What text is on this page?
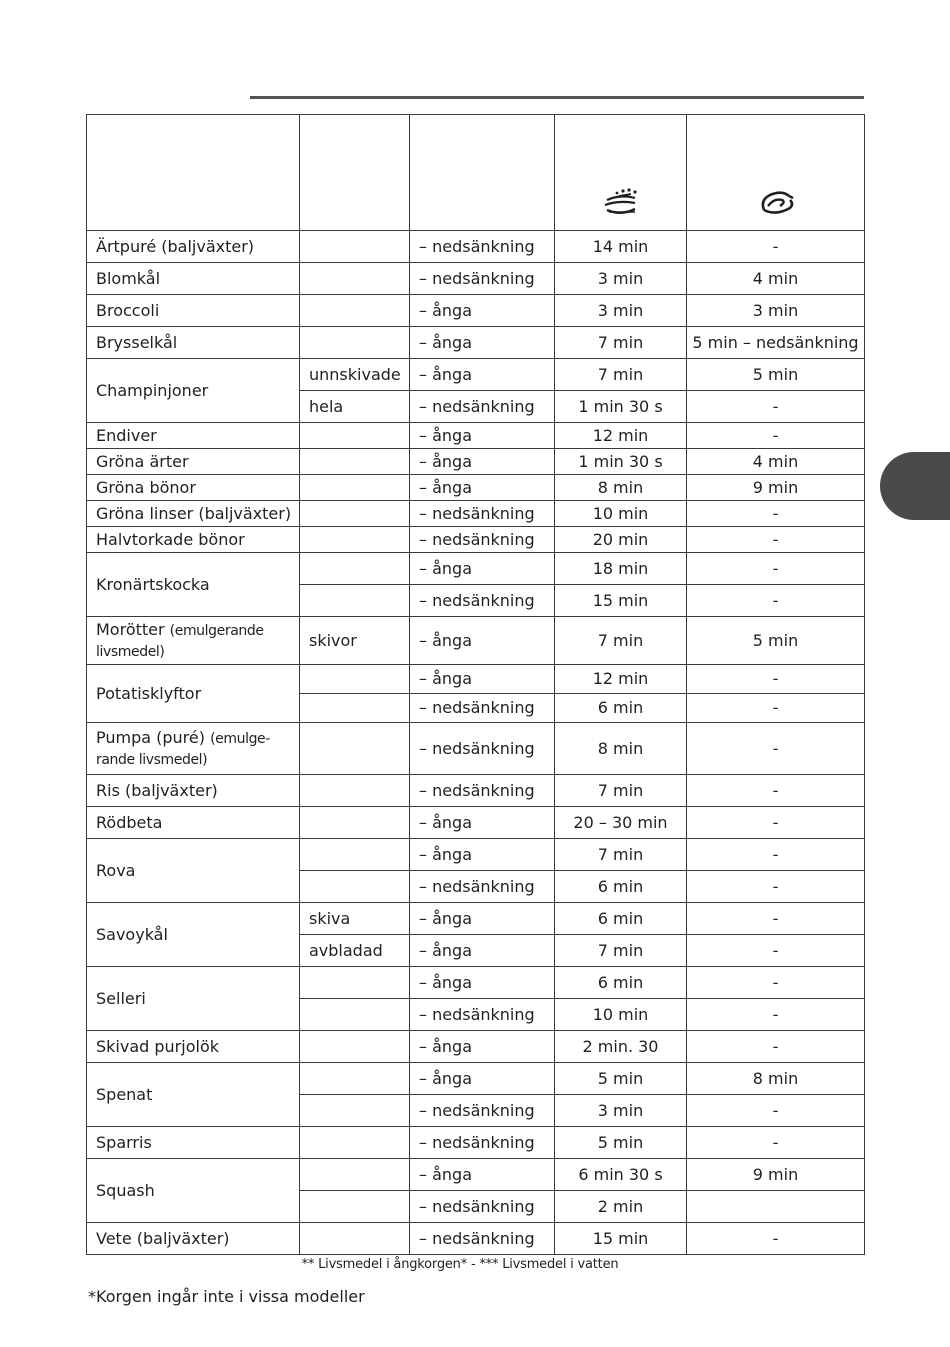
Ärtpuré (baljväxter)		– nedsänkning	14 min	-
Blomkål		– nedsänkning	3 min	4 min
Broccoli		– ånga	3 min	3 min
Brysselkål		– ånga	7 min	5 min – nedsänkning
Champinjoner	unnskivade	– ånga	7 min	5 min
	hela	– nedsänkning	1 min 30 s	-
Endiver		– ånga	12 min	-
Gröna ärter		– ånga	1 min 30 s	4 min
Gröna bönor		– ånga	8 min	9 min
Gröna linser (baljväxter)		– nedsänkning	10 min	-
Halvtorkade bönor		– nedsänkning	20 min	-
Kronärtskocka		– ånga	18 min	-
		– nedsänkning	15 min	-
Morötter (emulgerande livsmedel)	skivor	– ånga	7 min	5 min
Potatisklyftor		– ånga	12 min	-
		– nedsänkning	6 min	-
Pumpa (puré) (emulge-rande livsmedel)		– nedsänkning	8 min	-
Ris (baljväxter)		– nedsänkning	7 min	-
Rödbeta		– ånga	20 – 30 min	-
Rova		– ånga	7 min	-
		– nedsänkning	6 min	-
Savoykål	skiva	– ånga	6 min	-
	avbladad	– ånga	7 min	-
Selleri		– ånga	6 min	-
		– nedsänkning	10 min	-
Skivad purjolök		– ånga	2 min. 30	-
Spenat		– ånga	5 min	8 min
		– nedsänkning	3 min	-
Sparris		– nedsänkning	5 min	-
Squash		– ånga	6 min 30 s	9 min
		– nedsänkning	2 min	
Vete (baljväxter)		– nedsänkning	15 min	-
** Livsmedel i ångkorgen* - *** Livsmedel i vatten
*Korgen ingår inte i vissa modeller
